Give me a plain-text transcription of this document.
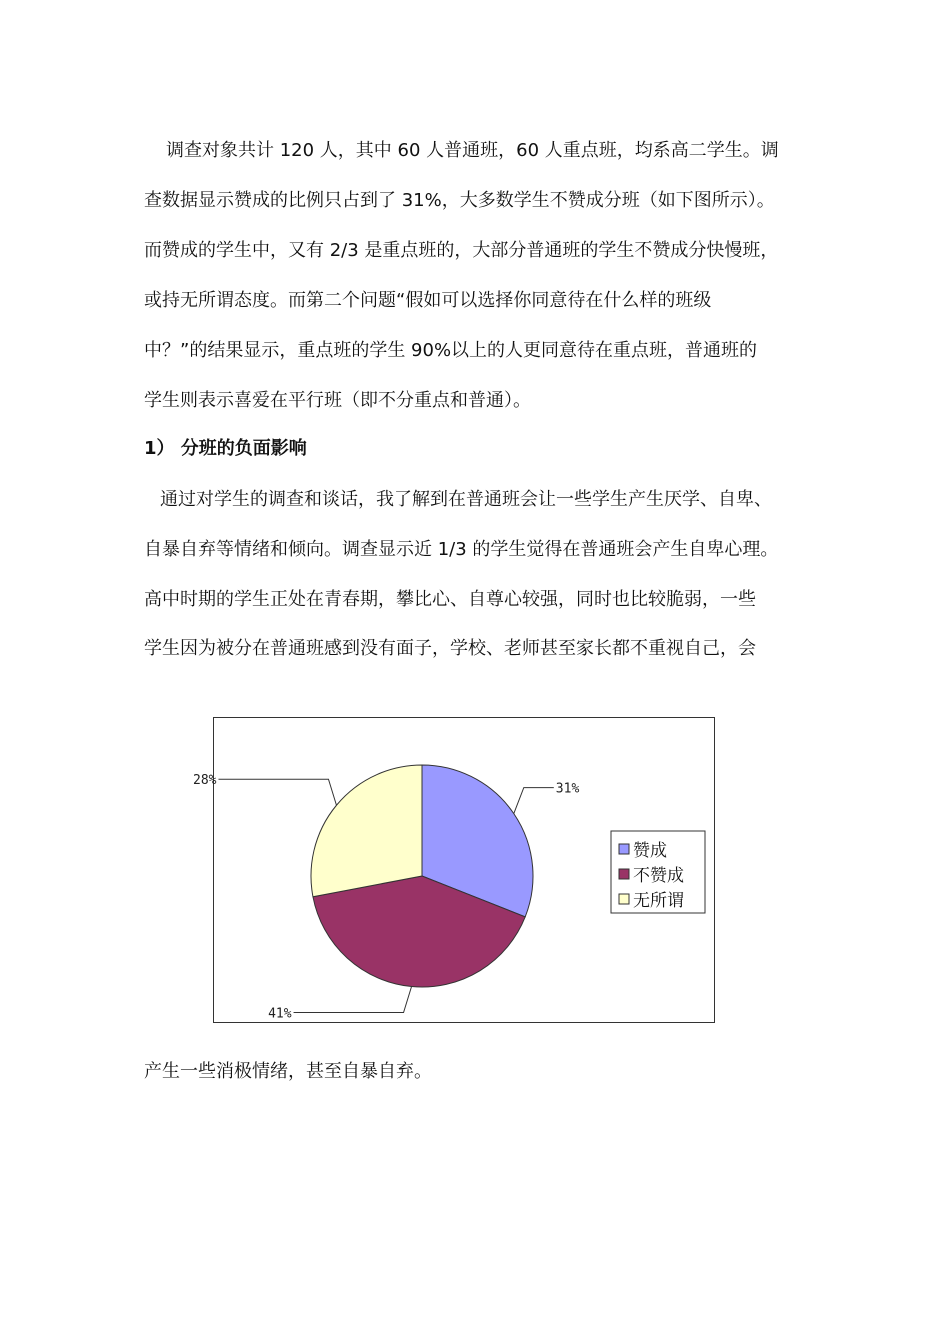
调查对象共计 120 人，其中 60 人普通班，60 人重点班，均系高二学生。调
查数据显示赞成的比例只占到了 31%，大多数学生不赞成分班（如下图所示）。
而赞成的学生中，又有 2/3 是重点班的，大部分普通班的学生不赞成分快慢班，
或持无所谓态度。而第二个问题“假如可以选择你同意待在什么样的班级
中？”的结果显示，重点班的学生 90%以上的人更同意待在重点班，普通班的
学生则表示喜爱在平行班（即不分重点和普通）。
1） 分班的负面影响
通过对学生的调查和谈话，我了解到在普通班会让一些学生产生厌学、自卑、
自暴自弃等情绪和倾向。调查显示近 1/3 的学生觉得在普通班会产生自卑心理。
高中时期的学生正处在青春期，攀比心、自尊心较强，同时也比较脆弱，一些
学生因为被分在普通班感到没有面子，学校、老师甚至家长都不重视自己，会
31%
41%
28%
赞成
不赞成
无所谓
产生一些消极情绪，甚至自暴自弃。
